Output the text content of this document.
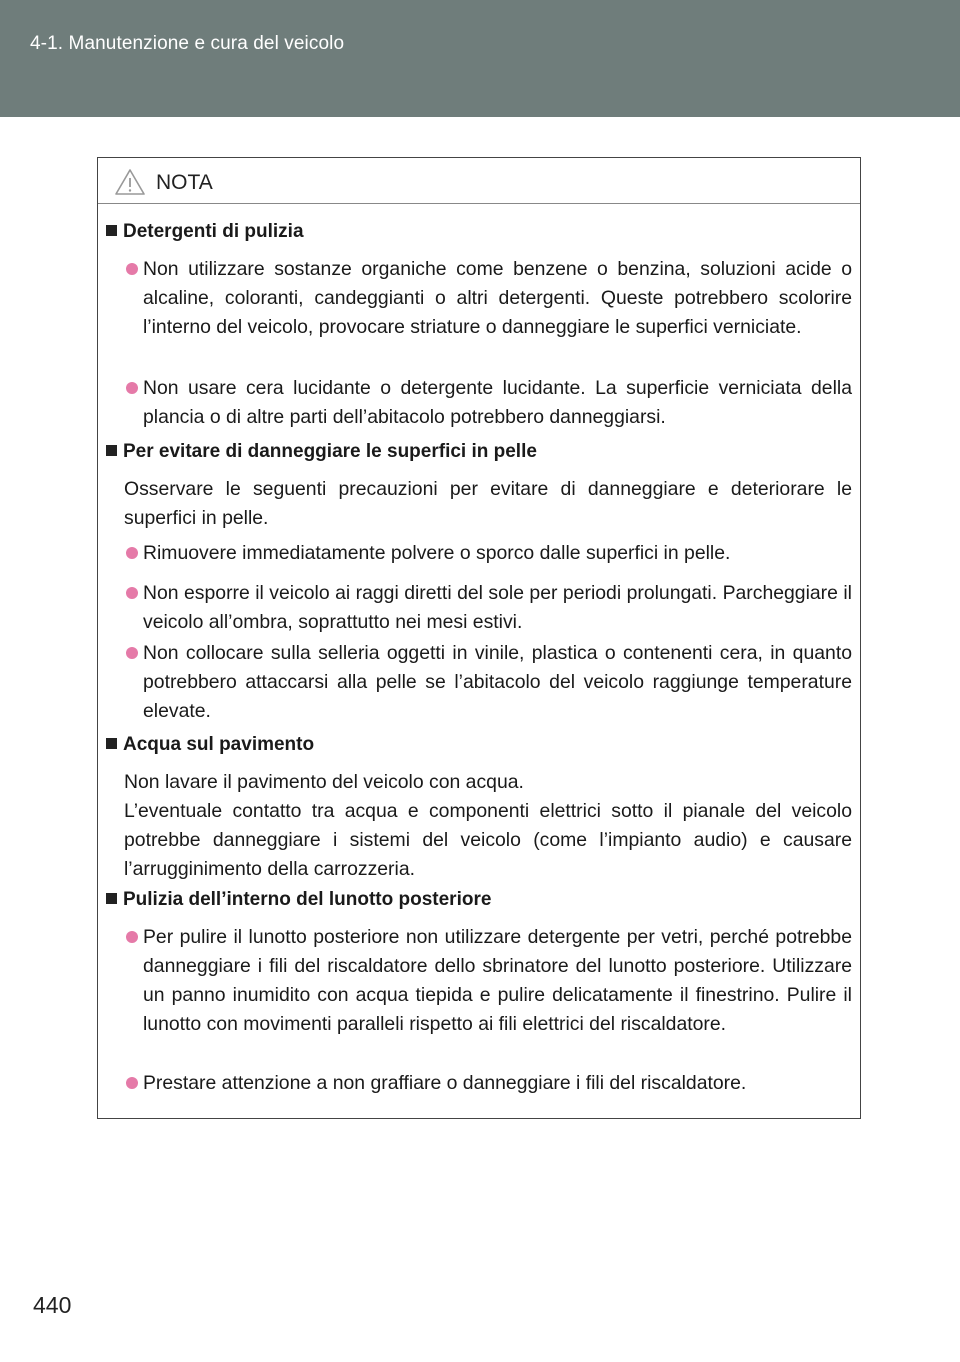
4-1. Manutenzione e cura del veicolo
NOTA
Detergenti di pulizia
Non utilizzare sostanze organiche come benzene o benzina, soluzioni acide o alcaline, coloranti, candeggianti o altri detergenti. Queste potrebbero scolorire l’interno del veicolo, provocare striature o danneggiare le superfici verniciate.
Non usare cera lucidante o detergente lucidante. La superficie verniciata della plancia o di altre parti dell’abitacolo potrebbero danneggiarsi.
Per evitare di danneggiare le superfici in pelle
Osservare le seguenti precauzioni per evitare di danneggiare e deteriorare le superfici in pelle.
Rimuovere immediatamente polvere o sporco dalle superfici in pelle.
Non esporre il veicolo ai raggi diretti del sole per periodi prolungati. Parcheggiare il veicolo all’ombra, soprattutto nei mesi estivi.
Non collocare sulla selleria oggetti in vinile, plastica o contenenti cera, in quanto potrebbero attaccarsi alla pelle se l’abitacolo del veicolo raggiunge temperature elevate.
Acqua sul pavimento
Non lavare il pavimento del veicolo con acqua.
L’eventuale contatto tra acqua e componenti elettrici sotto il pianale del veicolo potrebbe danneggiare i sistemi del veicolo (come l’impianto audio) e causare l’arrugginimento della carrozzeria.
Pulizia dell’interno del lunotto posteriore
Per pulire il lunotto posteriore non utilizzare detergente per vetri, perché potrebbe danneggiare i fili del riscaldatore dello sbrinatore del lunotto posteriore. Utilizzare un panno inumidito con acqua tiepida e pulire delicatamente il finestrino. Pulire il lunotto con movimenti paralleli rispetto ai fili elettrici del riscaldatore.
Prestare attenzione a non graffiare o danneggiare i fili del riscaldatore.
440
